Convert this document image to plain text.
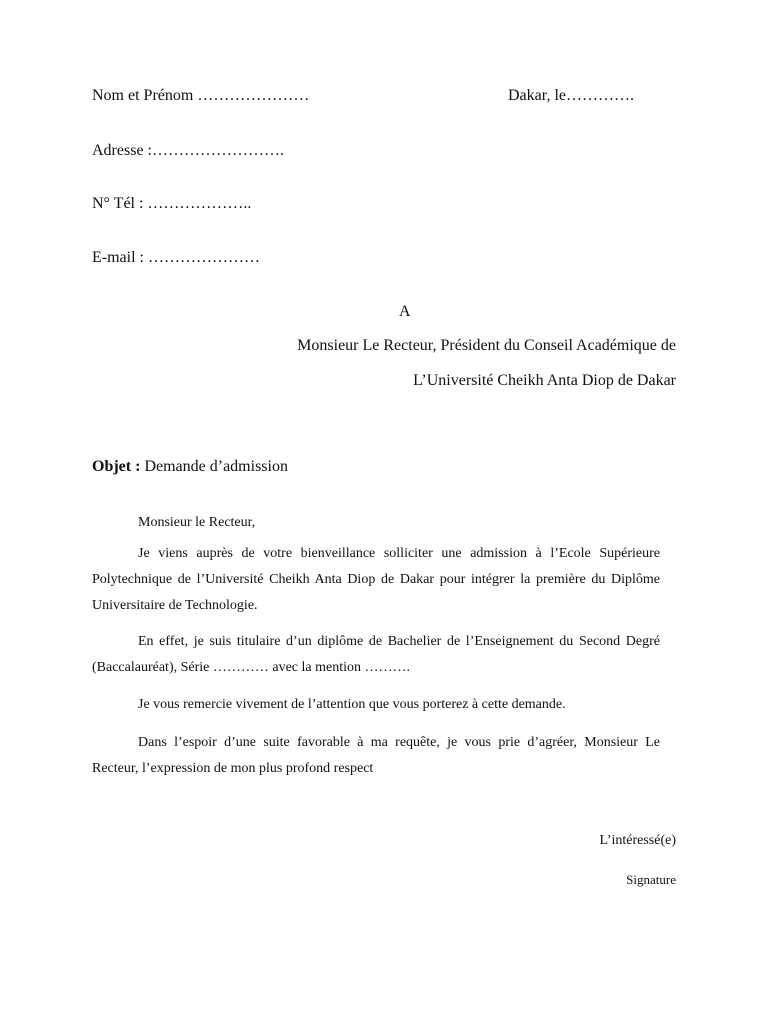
Nom et Prénom …………………	Dakar, le………….
Adresse :…………………….
N° Tél : ………………..
E-mail : …………………
A
Monsieur Le Recteur, Président du Conseil Académique de
L’Université Cheikh Anta Diop de Dakar
Objet : Demande d’admission
Monsieur le Recteur,
Je viens auprès de votre bienveillance solliciter une admission à l’Ecole Supérieure Polytechnique de l’Université Cheikh Anta Diop de Dakar pour intégrer la première du Diplôme Universitaire de Technologie.
En effet, je suis titulaire d’un diplôme de Bachelier de l’Enseignement du Second Degré (Baccalauréat), Série ………… avec la mention ……….
Je vous remercie vivement de l’attention que vous porterez à cette demande.
Dans l’espoir d’une suite favorable à ma requête, je vous prie d’agréer, Monsieur Le Recteur, l’expression de mon plus profond respect
L’intéressé(e)
Signature
